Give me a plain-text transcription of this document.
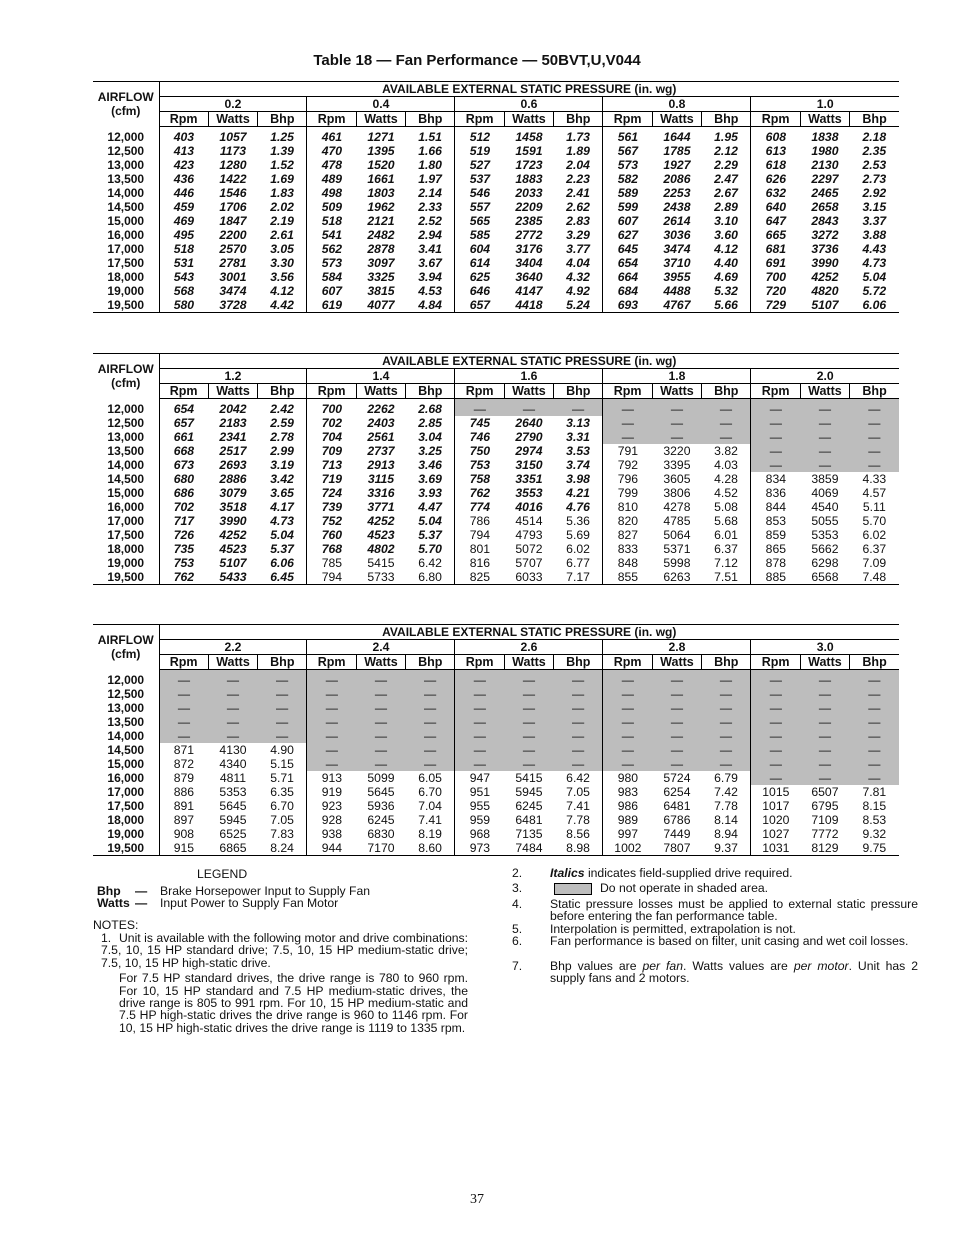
Table 18 — Fan Performance — 50BVT,U,V044
AIRFLOW
(cfm)	AVAILABLE EXTERNAL STATIC PRESSURE (in. wg)														
	0.2			0.4			0.6			0.8			1.0		
	Rpm	Watts	Bhp	Rpm	Watts	Bhp	Rpm	Watts	Bhp	Rpm	Watts	Bhp	Rpm	Watts	Bhp
12,000	403	1057	1.25	461	1271	1.51	512	1458	1.73	561	1644	1.95	608	1838	2.18
12,500	413	1173	1.39	470	1395	1.66	519	1591	1.89	567	1785	2.12	613	1980	2.35
13,000	423	1280	1.52	478	1520	1.80	527	1723	2.04	573	1927	2.29	618	2130	2.53
13,500	436	1422	1.69	489	1661	1.97	537	1883	2.23	582	2086	2.47	626	2297	2.73
14,000	446	1546	1.83	498	1803	2.14	546	2033	2.41	589	2253	2.67	632	2465	2.92
14,500	459	1706	2.02	509	1962	2.33	557	2209	2.62	599	2438	2.89	640	2658	3.15
15,000	469	1847	2.19	518	2121	2.52	565	2385	2.83	607	2614	3.10	647	2843	3.37
16,000	495	2200	2.61	541	2482	2.94	585	2772	3.29	627	3036	3.60	665	3272	3.88
17,000	518	2570	3.05	562	2878	3.41	604	3176	3.77	645	3474	4.12	681	3736	4.43
17,500	531	2781	3.30	573	3097	3.67	614	3404	4.04	654	3710	4.40	691	3990	4.73
18,000	543	3001	3.56	584	3325	3.94	625	3640	4.32	664	3955	4.69	700	4252	5.04
19,000	568	3474	4.12	607	3815	4.53	646	4147	4.92	684	4488	5.32	720	4820	5.72
19,500	580	3728	4.42	619	4077	4.84	657	4418	5.24	693	4767	5.66	729	5107	6.06
AIRFLOW
(cfm)	AVAILABLE EXTERNAL STATIC PRESSURE (in. wg)														
	1.2			1.4			1.6			1.8			2.0		
	Rpm	Watts	Bhp	Rpm	Watts	Bhp	Rpm	Watts	Bhp	Rpm	Watts	Bhp	Rpm	Watts	Bhp
12,000	654	2042	2.42	700	2262	2.68	—	—	—	—	—	—	—	—	—
12,500	657	2183	2.59	702	2403	2.85	745	2640	3.13	—	—	—	—	—	—
13,000	661	2341	2.78	704	2561	3.04	746	2790	3.31	—	—	—	—	—	—
13,500	668	2517	2.99	709	2737	3.25	750	2974	3.53	791	3220	3.82	—	—	—
14,000	673	2693	3.19	713	2913	3.46	753	3150	3.74	792	3395	4.03	—	—	—
14,500	680	2886	3.42	719	3115	3.69	758	3351	3.98	796	3605	4.28	834	3859	4.33
15,000	686	3079	3.65	724	3316	3.93	762	3553	4.21	799	3806	4.52	836	4069	4.57
16,000	702	3518	4.17	739	3771	4.47	774	4016	4.76	810	4278	5.08	844	4540	5.11
17,000	717	3990	4.73	752	4252	5.04	786	4514	5.36	820	4785	5.68	853	5055	5.70
17,500	726	4252	5.04	760	4523	5.37	794	4793	5.69	827	5064	6.01	859	5353	6.02
18,000	735	4523	5.37	768	4802	5.70	801	5072	6.02	833	5371	6.37	865	5662	6.37
19,000	753	5107	6.06	785	5415	6.42	816	5707	6.77	848	5998	7.12	878	6298	7.09
19,500	762	5433	6.45	794	5733	6.80	825	6033	7.17	855	6263	7.51	885	6568	7.48
AIRFLOW
(cfm)	AVAILABLE EXTERNAL STATIC PRESSURE (in. wg)														
	2.2			2.4			2.6			2.8			3.0		
	Rpm	Watts	Bhp	Rpm	Watts	Bhp	Rpm	Watts	Bhp	Rpm	Watts	Bhp	Rpm	Watts	Bhp
12,000	—	—	—	—	—	—	—	—	—	—	—	—	—	—	—
12,500	—	—	—	—	—	—	—	—	—	—	—	—	—	—	—
13,000	—	—	—	—	—	—	—	—	—	—	—	—	—	—	—
13,500	—	—	—	—	—	—	—	—	—	—	—	—	—	—	—
14,000	—	—	—	—	—	—	—	—	—	—	—	—	—	—	—
14,500	871	4130	4.90	—	—	—	—	—	—	—	—	—	—	—	—
15,000	872	4340	5.15	—	—	—	—	—	—	—	—	—	—	—	—
16,000	879	4811	5.71	913	5099	6.05	947	5415	6.42	980	5724	6.79	—	—	—
17,000	886	5353	6.35	919	5645	6.70	951	5945	7.05	983	6254	7.42	1015	6507	7.81
17,500	891	5645	6.70	923	5936	7.04	955	6245	7.41	986	6481	7.78	1017	6795	8.15
18,000	897	5945	7.05	928	6245	7.41	959	6481	7.78	989	6786	8.14	1020	7109	8.53
19,000	908	6525	7.83	938	6830	8.19	968	7135	8.56	997	7449	8.94	1027	7772	9.32
19,500	915	6865	8.24	944	7170	8.60	973	7484	8.98	1002	7807	9.37	1031	8129	9.75
LEGEND
Bhp — Brake Horsepower Input to Supply Fan
Watts — Input Power to Supply Fan Motor
NOTES:

1. Unit is available with the following motor and drive combinations: 7.5, 10, 15 HP standard drive; 7.5, 10, 15 HP medium-static drive; 7.5, 10, 15 HP high-static drive.

For 7.5 HP standard drives, the drive range is 780 to 960 rpm. For 10, 15 HP standard and 7.5 HP medium-static drives, the drive range is 805 to 991 rpm. For 10, 15 HP medium-static and 7.5 HP high-static drives the drive range is 960 to 1146 rpm. For 10, 15 HP high-static drives the drive range is 1119 to 1335 rpm.

2. Italics indicates field-supplied drive required.
3.	Do not operate in shaded area.
4. Static pressure losses must be applied to external static pressure before entering the fan performance table.
5. Interpolation is permitted, extrapolation is not.
6. Fan performance is based on filter, unit casing and wet coil losses.
7. Bhp values are per fan. Watts values are per motor. Unit has 2 supply fans and 2 motors.
37
